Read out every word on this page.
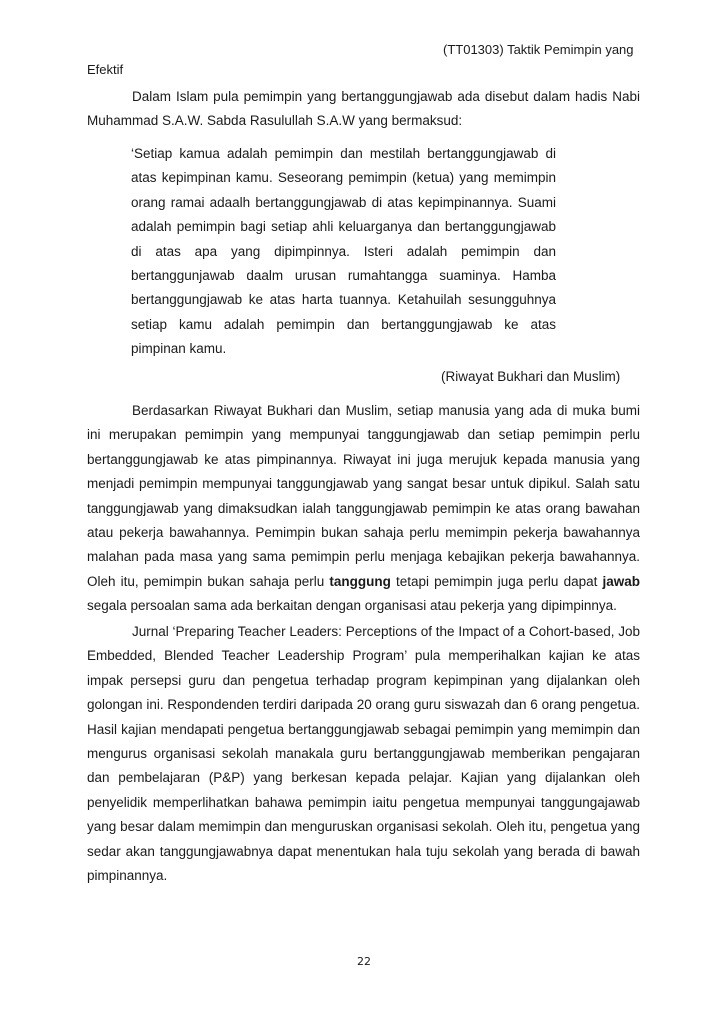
(TT01303) Taktik Pemimpin yang
Efektif

Dalam Islam pula pemimpin yang bertanggungjawab ada disebut dalam hadis Nabi Muhammad S.A.W. Sabda Rasulullah S.A.W yang bermaksud:

‘Setiap kamua adalah pemimpin dan mestilah bertanggungjawab di atas kepimpinan kamu. Seseorang pemimpin (ketua) yang memimpin orang ramai adaalh bertanggungjawab di atas kepimpinannya. Suami adalah pemimpin bagi setiap ahli keluarganya dan bertanggungjawab di atas apa yang dipimpinnya. Isteri adalah pemimpin dan bertanggunjawab daalm urusan rumahtangga suaminya. Hamba bertanggungjawab ke atas harta tuannya. Ketahuilah sesungguhnya setiap kamu adalah pemimpin dan bertanggungjawab ke atas pimpinan kamu.

(Riwayat Bukhari dan Muslim)

Berdasarkan Riwayat Bukhari dan Muslim, setiap manusia yang ada di muka bumi ini merupakan pemimpin yang mempunyai tanggungjawab dan setiap pemimpin perlu bertanggungjawab ke atas pimpinannya. Riwayat ini juga merujuk kepada manusia yang menjadi pemimpin mempunyai tanggungjawab yang sangat besar untuk dipikul. Salah satu tanggungjawab yang dimaksudkan ialah tanggungjawab pemimpin ke atas orang bawahan atau pekerja bawahannya. Pemimpin bukan sahaja perlu memimpin pekerja bawahannya malahan pada masa yang sama pemimpin perlu menjaga kebajikan pekerja bawahannya. Oleh itu, pemimpin bukan sahaja perlu tanggung tetapi pemimpin juga perlu dapat jawab segala persoalan sama ada berkaitan dengan organisasi atau pekerja yang dipimpinnya.

Jurnal ‘Preparing Teacher Leaders: Perceptions of the Impact of a Cohort-based, Job Embedded, Blended Teacher Leadership Program’ pula memperihalkan kajian ke atas impak persepsi guru dan pengetua terhadap program kepimpinan yang dijalankan oleh golongan ini. Respondenden terdiri daripada 20 orang guru siswazah dan 6 orang pengetua. Hasil kajian mendapati pengetua bertanggungjawab sebagai pemimpin yang memimpin dan mengurus organisasi sekolah manakala guru bertanggungjawab memberikan pengajaran dan pembelajaran (P&P) yang berkesan kepada pelajar. Kajian yang dijalankan oleh penyelidik memperlihatkan bahawa pemimpin iaitu pengetua mempunyai tanggungajawab yang besar dalam memimpin dan menguruskan organisasi sekolah. Oleh itu, pengetua yang sedar akan tanggungjawabnya dapat menentukan hala tuju sekolah yang berada di bawah pimpinannya.

22
